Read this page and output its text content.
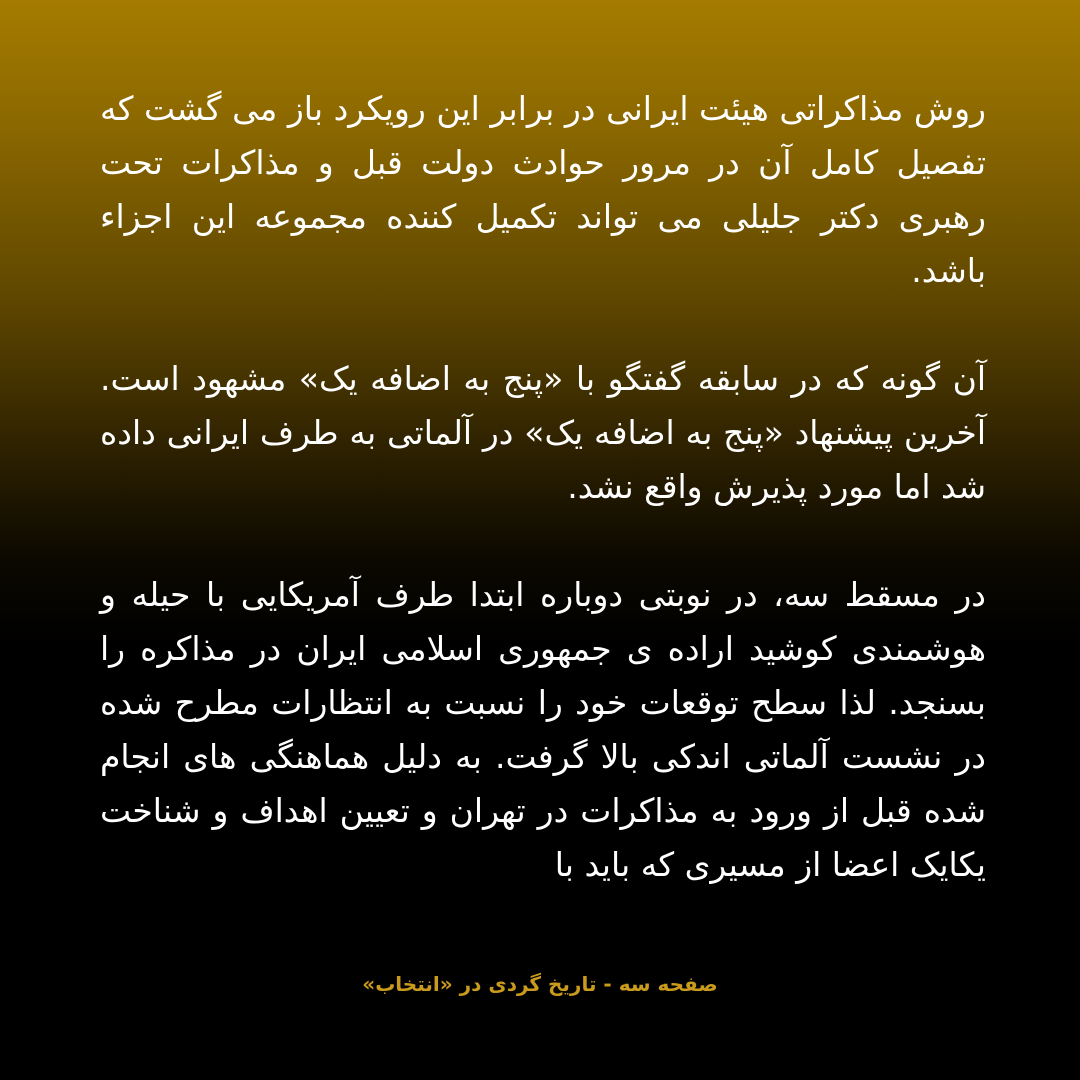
روش مذاکراتی هیئت ایرانی در برابر این رویکرد باز می گشت که تفصیل کامل آن در مرور حوادث دولت قبل و مذاکرات تحت رهبری دکتر جلیلی می تواند تکمیل کننده مجموعه این اجزاء باشد.

آن گونه که در سابقه گفتگو با «پنج به اضافه یک» مشهود است. آخرین پیشنهاد «پنج به اضافه یک» در آلماتی به طرف ایرانی داده شد اما مورد پذیرش واقع نشد.

در مسقط سه، در نوبتی دوباره ابتدا طرف آمریکایی با حیله و هوشمندی کوشید اراده ی جمهوری اسلامی ایران در مذاکره را بسنجد. لذا سطح توقعات خود را نسبت به انتظارات مطرح شده در نشست آلماتی اندکی بالا گرفت. به دلیل هماهنگی های انجام شده قبل از ورود به مذاکرات در تهران و تعیین اهداف و شناخت یکایک اعضا از مسیری که باید با

صفحه سه - تاریخ گردی در «انتخاب»
